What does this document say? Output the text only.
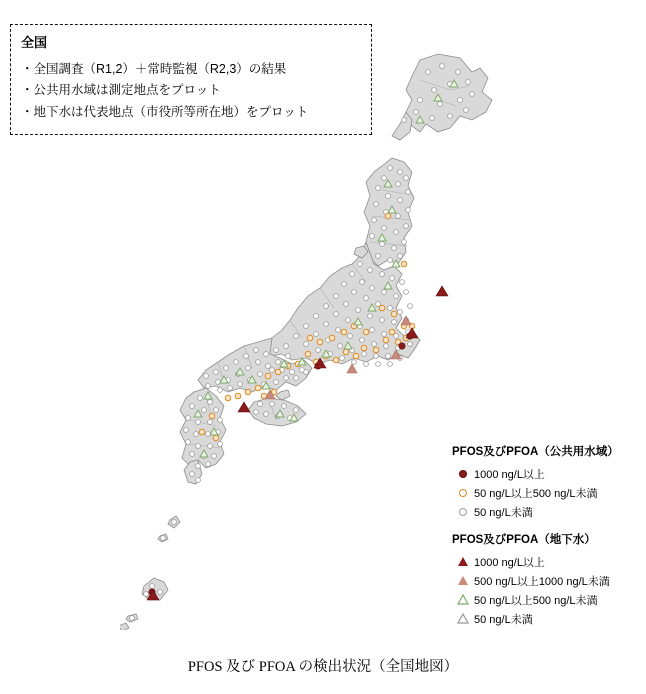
全国
・全国調査（R1,2）＋常時監視（R2,3）の結果
・公共用水域は測定地点をプロット
・地下水は代表地点（市役所等所在地）をプロット
PFOS及びPFOA（公共用水域）
1000 ng/L以上
50 ng/L以上500 ng/L未満
50 ng/L未満
PFOS及びPFOA（地下水）
1000 ng/L以上
500 ng/L以上1000 ng/L未満
50 ng/L以上500 ng/L未満
50 ng/L未満
PFOS 及び PFOA の検出状況（全国地図）
